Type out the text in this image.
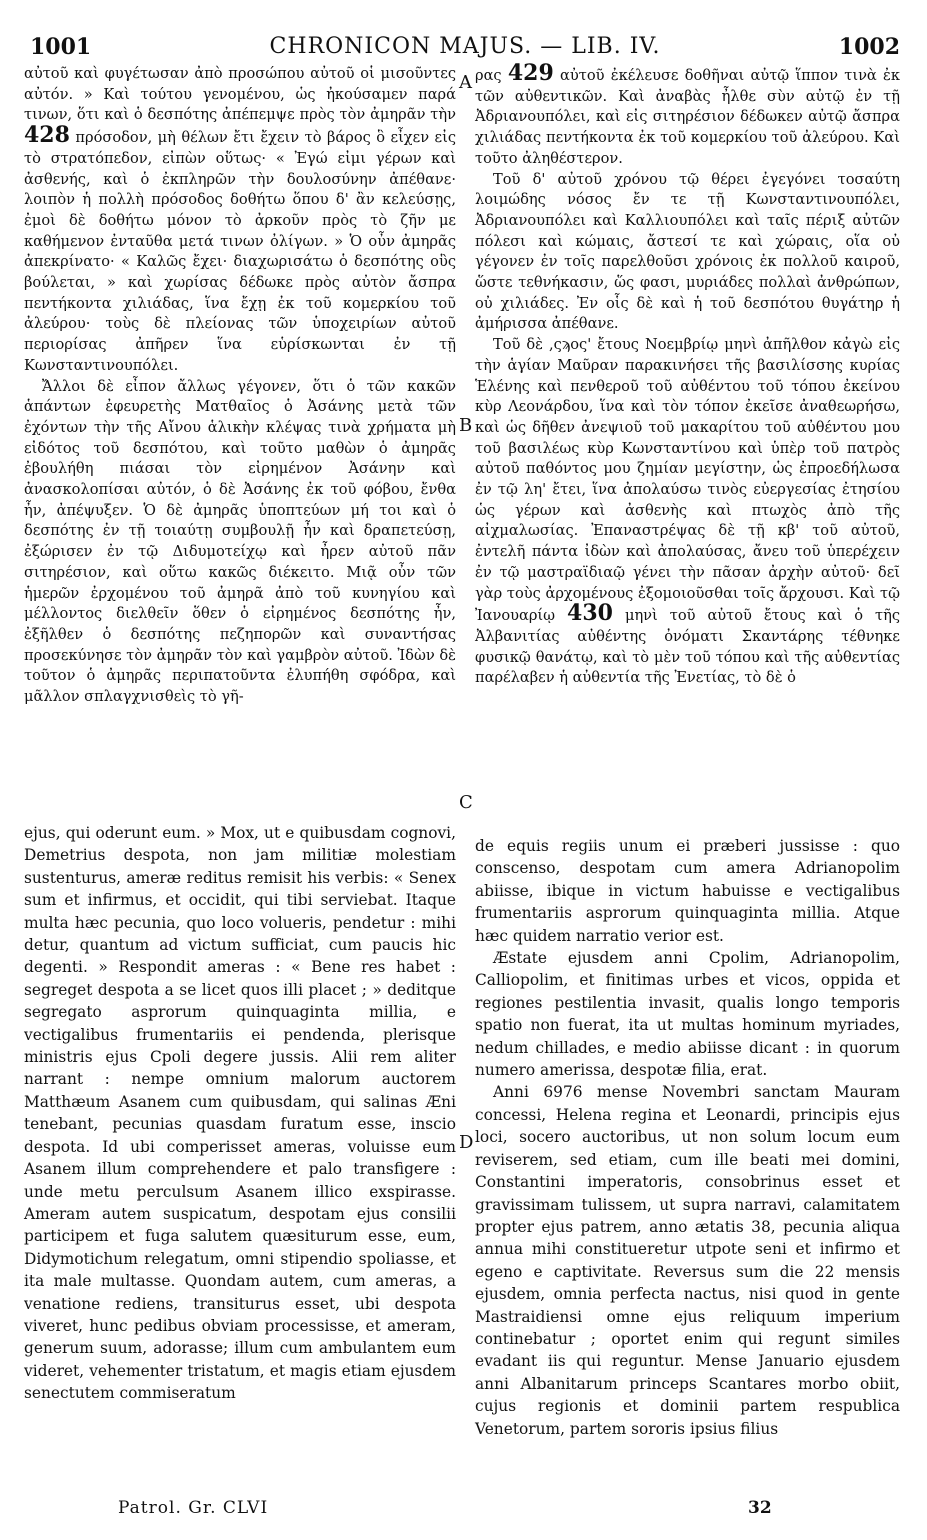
1001	CHRONICON MAJUS. — LIB. IV.	1002
A
B
C
D

αὐτοῦ καὶ φυγέτωσαν ἀπὸ προσώπου αὐτοῦ οἱ μισοῦντες αὐτόν. » Καὶ τούτου γενομένου, ὡς ἠκούσαμεν παρά τινων, ὅτι καὶ ὁ δεσπότης ἀπέπεμψε πρὸς τὸν ἀμηρᾶν τὴν 428 πρόσοδον, μὴ θέλων ἔτι ἔχειν τὸ βάρος ὃ εἶχεν εἰς τὸ στρατόπεδον, εἰπὼν οὕτως· « Ἐγώ εἰμι γέρων καὶ ἀσθενής, καὶ ὁ ἐκπληρῶν τὴν δουλοσύνην ἀπέθανε· λοιπὸν ἡ πολλὴ πρόσοδος δοθήτω ὅπου δ' ἂν κελεύσῃς, ἐμοὶ δὲ δοθήτω μόνον τὸ ἀρκοῦν πρὸς τὸ ζῆν με καθήμενον ἐνταῦθα μετά τινων ὀλίγων. » Ὁ οὖν ἀμηρᾶς ἀπεκρίνατο· « Καλῶς ἔχει· διαχωρισάτω ὁ δεσπότης οὓς βούλεται, » καὶ χωρίσας δέδωκε πρὸς αὐτὸν ἄσπρα πεντήκοντα χιλιάδας, ἵνα ἔχῃ ἐκ τοῦ κομερκίου τοῦ ἀλεύρου· τοὺς δὲ πλείονας τῶν ὑποχειρίων αὐτοῦ περιορίσας ἀπῆρεν ἵνα εὑρίσκωνται ἐν τῇ Κωνσταντινουπόλει.

Ἄλλοι δὲ εἶπον ἄλλως γέγονεν, ὅτι ὁ τῶν κακῶν ἁπάντων ἐφευρετὴς Ματθαῖος ὁ Ἀσάνης μετὰ τῶν ἐχόντων τὴν τῆς Αἴνου ἁλικὴν κλέψας τινὰ χρήματα μὴ εἰδότος τοῦ δεσπότου, καὶ τοῦτο μαθὼν ὁ ἀμηρᾶς ἐβουλήθη πιάσαι τὸν εἰρημένον Ἀσάνην καὶ ἀνασκολοπίσαι αὐτόν, ὁ δὲ Ἀσάνης ἐκ τοῦ φόβου, ἔνθα ἦν, ἀπέψυξεν. Ὁ δὲ ἀμηρᾶς ὑποπτεύων μή τοι καὶ ὁ δεσπότης ἐν τῇ τοιαύτῃ συμβουλῇ ἦν καὶ δραπετεύσῃ, ἐξώρισεν ἐν τῷ Διδυμοτείχῳ καὶ ἦρεν αὐτοῦ πᾶν σιτηρέσιον, καὶ οὕτω κακῶς διέκειτο. Μιᾷ οὖν τῶν ἡμερῶν ἐρχομένου τοῦ ἀμηρᾶ ἀπὸ τοῦ κυνηγίου καὶ μέλλοντος διελθεῖν ὅθεν ὁ εἰρημένος δεσπότης ἦν, ἐξῆλθεν ὁ δεσπότης πεζηπορῶν καὶ συναντήσας προσεκύνησε τὸν ἀμηρᾶν τὸν καὶ γαμβρὸν αὐτοῦ. Ἰδὼν δὲ τοῦτον ὁ ἀμηρᾶς περιπατοῦντα ἐλυπήθη σφόδρα, καὶ μᾶλλον σπλαγχνισθεὶς τὸ γῆ-

ρας 429 αὐτοῦ ἐκέλευσε δοθῆναι αὐτῷ ἵππον τινὰ ἐκ τῶν αὐθεντικῶν. Καὶ ἀναβὰς ἦλθε σὺν αὐτῷ ἐν τῇ Ἀδριανουπόλει, καὶ εἰς σιτηρέσιον δέδωκεν αὐτῷ ἄσπρα χιλιάδας πεντήκοντα ἐκ τοῦ κομερκίου τοῦ ἀλεύρου. Καὶ τοῦτο ἀληθέστερον.

Τοῦ δ' αὐτοῦ χρόνου τῷ θέρει ἐγεγόνει τοσαύτη λοιμώδης νόσος ἔν τε τῇ Κωνσταντινουπόλει, Ἀδριανουπόλει καὶ Καλλιουπόλει καὶ ταῖς πέριξ αὐτῶν πόλεσι καὶ κώμαις, ἄστεσί τε καὶ χώραις, οἵα οὐ γέγονεν ἐν τοῖς παρελθοῦσι χρόνοις ἐκ πολλοῦ καιροῦ, ὥστε τεθνήκασιν, ὥς φασι, μυριάδες πολλαὶ ἀνθρώπων, οὐ χιλιάδες. Ἐν οἷς δὲ καὶ ἡ τοῦ δεσπότου θυγάτηρ ἡ ἀμήρισσα ἀπέθανε.

Τοῦ δὲ ,ςϡος' ἔτους Νοεμβρίῳ μηνὶ ἀπῆλθον κἀγὼ εἰς τὴν ἁγίαν Μαῦραν παρακινήσει τῆς βασιλίσσης κυρίας Ἑλένης καὶ πενθεροῦ τοῦ αὐθέντου τοῦ τόπου ἐκείνου κὺρ Λεονάρδου, ἵνα καὶ τὸν τόπον ἐκεῖσε ἀναθεωρήσω, καὶ ὡς δῆθεν ἀνεψιοῦ τοῦ μακαρίτου τοῦ αὐθέντου μου τοῦ βασιλέως κὺρ Κωνσταντίνου καὶ ὑπὲρ τοῦ πατρὸς αὐτοῦ παθόντος μου ζημίαν μεγίστην, ὡς ἐπροεδήλωσα ἐν τῷ λη' ἔτει, ἵνα ἀπολαύσω τινὸς εὐεργεσίας ἐτησίου ὡς γέρων καὶ ἀσθενὴς καὶ πτωχὸς ἀπὸ τῆς αἰχμαλωσίας. Ἐπαναστρέψας δὲ τῇ κβ' τοῦ αὐτοῦ, ἐντελῆ πάντα ἰδὼν καὶ ἀπολαύσας, ἄνευ τοῦ ὑπερέχειν ἐν τῷ μαστραϊδιαῷ γένει τὴν πᾶσαν ἀρχὴν αὐτοῦ· δεῖ γὰρ τοὺς ἀρχομένους ἐξομοιοῦσθαι τοῖς ἄρχουσι. Καὶ τῷ Ἰανουαρίῳ 430 μηνὶ τοῦ αὐτοῦ ἔτους καὶ ὁ τῆς Ἀλβανιτίας αὐθέντης ὀνόματι Σκαντάρης τέθνηκε φυσικῷ θανάτῳ, καὶ τὸ μὲν τοῦ τόπου καὶ τῆς αὐθεντίας παρέλαβεν ἡ αὐθεντία τῆς Ἐνετίας, τὸ δὲ ὁ

ejus, qui oderunt eum. » Mox, ut e quibusdam cognovi, Demetrius despota, non jam militiæ molestiam sustenturus, ameræ reditus remisit his verbis: « Senex sum et infirmus, et occidit, qui tibi serviebat. Itaque multa hæc pecunia, quo loco volueris, pendetur : mihi detur, quantum ad victum sufficiat, cum paucis hic degenti. » Respondit ameras : « Bene res habet : segreget despota a se licet quos illi placet ; » deditque segregato asprorum quinquaginta millia, e vectigalibus frumentariis ei pendenda, plerisque ministris ejus Cpoli degere jussis. Alii rem aliter narrant : nempe omnium malorum auctorem Matthæum Asanem cum quibusdam, qui salinas Æni tenebant, pecunias quasdam furatum esse, inscio despota. Id ubi comperisset ameras, voluisse eum Asanem illum comprehendere et palo transfigere : unde metu perculsum Asanem illico exspirasse. Ameram autem suspicatum, despotam ejus consilii participem et fuga salutem quæsiturum esse, eum, Didymotichum relegatum, omni stipendio spoliasse, et ita male multasse. Quondam autem, cum ameras, a venatione rediens, transiturus esset, ubi despota viveret, hunc pedibus obviam processisse, et ameram, generum suum, adorasse; illum cum ambulantem eum videret, vehementer tristatum, et magis etiam ejusdem senectutem commiseratum

de equis regiis unum ei præberi jussisse : quo conscenso, despotam cum amera Adrianopolim abiisse, ibique in victum habuisse e vectigalibus frumentariis asprorum quinquaginta millia. Atque hæc quidem narratio verior est.

Æstate ejusdem anni Cpolim, Adrianopolim, Calliopolim, et finitimas urbes et vicos, oppida et regiones pestilentia invasit, qualis longo temporis spatio non fuerat, ita ut multas hominum myriades, nedum chillades, e medio abiisse dicant : in quorum numero amerissa, despotæ filia, erat.

Anni 6976 mense Novembri sanctam Mauram concessi, Helena regina et Leonardi, principis ejus loci, socero auctoribus, ut non solum locum eum reviserem, sed etiam, cum ille beati mei domini, Constantini imperatoris, consobrinus esset et gravissimam tulissem, ut supra narravi, calamitatem propter ejus patrem, anno ætatis 38, pecunia aliqua annua mihi constitueretur utpote seni et infirmo et egeno e captivitate. Reversus sum die 22 mensis ejusdem, omnia perfecta nactus, nisi quod in gente Mastraidiensi omne ejus reliquum imperium continebatur ; oportet enim qui regunt similes evadant iis qui reguntur. Mense Januario ejusdem anni Albanitarum princeps Scantares morbo obiit, cujus regionis et dominii partem respublica Venetorum, partem sororis ipsius filius

Patrol. Gr. CLVI	32
